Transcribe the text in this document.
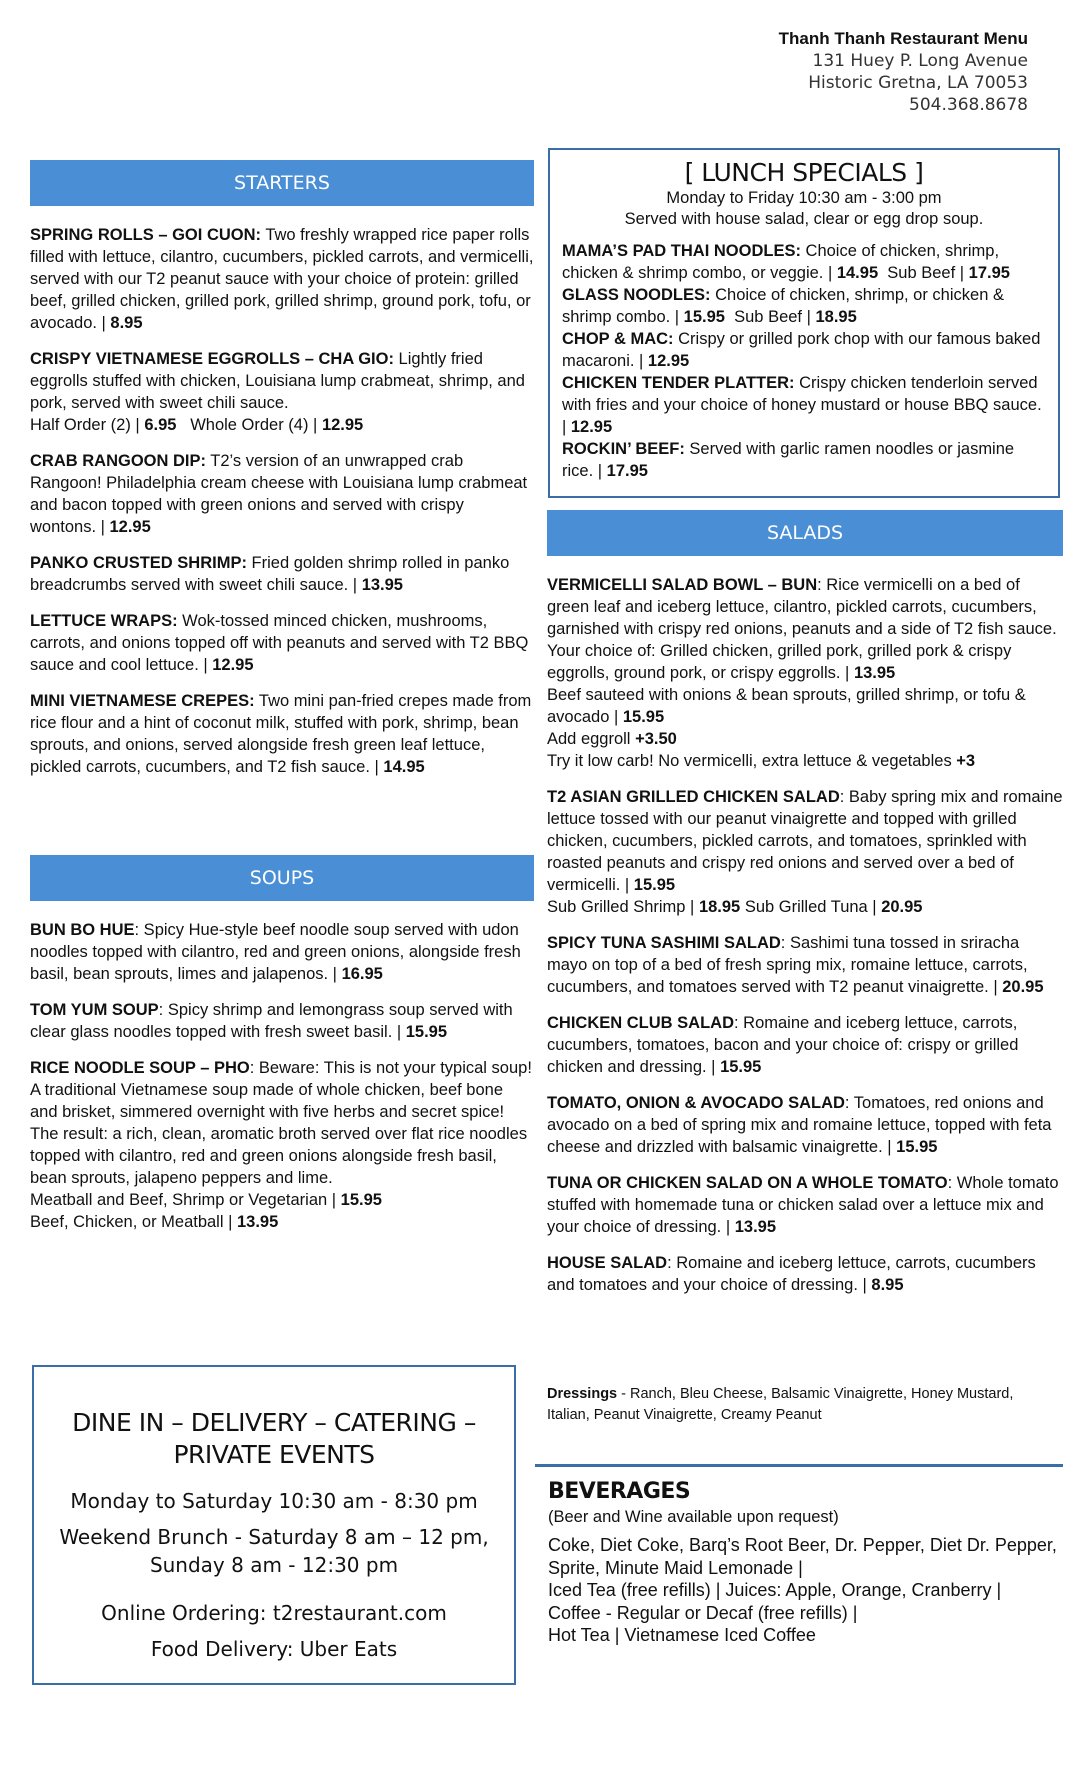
Thanh Thanh Restaurant Menu
131 Huey P. Long Avenue
Historic Gretna, LA 70053
504.368.8678
STARTERS
SPRING ROLLS – GOI CUON: Two freshly wrapped rice paper rolls filled with lettuce, cilantro, cucumbers, pickled carrots, and vermicelli, served with our T2 peanut sauce with your choice of protein: grilled beef, grilled chicken, grilled pork, grilled shrimp, ground pork, tofu, or avocado. | 8.95
CRISPY VIETNAMESE EGGROLLS – CHA GIO: Lightly fried eggrolls stuffed with chicken, Louisiana lump crabmeat, shrimp, and pork, served with sweet chili sauce.
Half Order (2) | 6.95   Whole Order (4) | 12.95
CRAB RANGOON DIP: T2’s version of an unwrapped crab Rangoon! Philadelphia cream cheese with Louisiana lump crabmeat and bacon topped with green onions and served with crispy wontons. | 12.95
PANKO CRUSTED SHRIMP: Fried golden shrimp rolled in panko breadcrumbs served with sweet chili sauce. | 13.95
LETTUCE WRAPS: Wok-tossed minced chicken, mushrooms, carrots, and onions topped off with peanuts and served with T2 BBQ sauce and cool lettuce. | 12.95
MINI VIETNAMESE CREPES: Two mini pan-fried crepes made from rice flour and a hint of coconut milk, stuffed with pork, shrimp, bean sprouts, and onions, served alongside fresh green leaf lettuce, pickled carrots, cucumbers, and T2 fish sauce. | 14.95
SOUPS
BUN BO HUE: Spicy Hue-style beef noodle soup served with udon noodles topped with cilantro, red and green onions, alongside fresh basil, bean sprouts, limes and jalapenos. | 16.95
TOM YUM SOUP: Spicy shrimp and lemongrass soup served with clear glass noodles topped with fresh sweet basil. | 15.95
RICE NOODLE SOUP – PHO: Beware: This is not your typical soup! A traditional Vietnamese soup made of whole chicken, beef bone and brisket, simmered overnight with five herbs and secret spice! The result: a rich, clean, aromatic broth served over flat rice noodles topped with cilantro, red and green onions alongside fresh basil, bean sprouts, jalapeno peppers and lime.
Meatball and Beef, Shrimp or Vegetarian | 15.95
Beef, Chicken, or Meatball | 13.95
[ LUNCH SPECIALS ]
Monday to Friday 10:30 am - 3:00 pm
Served with house salad, clear or egg drop soup.
MAMA’S PAD THAI NOODLES: Choice of chicken, shrimp, chicken & shrimp combo, or veggie. | 14.95  Sub Beef | 17.95
GLASS NOODLES: Choice of chicken, shrimp, or chicken & shrimp combo. | 15.95  Sub Beef | 18.95
CHOP & MAC: Crispy or grilled pork chop with our famous baked macaroni. | 12.95
CHICKEN TENDER PLATTER: Crispy chicken tenderloin served with fries and your choice of honey mustard or house BBQ sauce. | 12.95
ROCKIN’ BEEF: Served with garlic ramen noodles or jasmine rice. | 17.95
SALADS
VERMICELLI SALAD BOWL – BUN: Rice vermicelli on a bed of green leaf and iceberg lettuce, cilantro, pickled carrots, cucumbers, garnished with crispy red onions, peanuts and a side of T2 fish sauce. Your choice of: Grilled chicken, grilled pork, grilled pork & crispy eggrolls, ground pork, or crispy eggrolls. | 13.95
Beef sauteed with onions & bean sprouts, grilled shrimp, or tofu & avocado | 15.95
Add eggroll +3.50
Try it low carb! No vermicelli, extra lettuce & vegetables +3
T2 ASIAN GRILLED CHICKEN SALAD: Baby spring mix and romaine lettuce tossed with our peanut vinaigrette and topped with grilled chicken, cucumbers, pickled carrots, and tomatoes, sprinkled with roasted peanuts and crispy red onions and served over a bed of vermicelli. | 15.95
Sub Grilled Shrimp | 18.95 Sub Grilled Tuna | 20.95
SPICY TUNA SASHIMI SALAD: Sashimi tuna tossed in sriracha mayo on top of a bed of fresh spring mix, romaine lettuce, carrots, cucumbers, and tomatoes served with T2 peanut vinaigrette. | 20.95
CHICKEN CLUB SALAD: Romaine and iceberg lettuce, carrots, cucumbers, tomatoes, bacon and your choice of: crispy or grilled chicken and dressing. | 15.95
TOMATO, ONION & AVOCADO SALAD: Tomatoes, red onions and avocado on a bed of spring mix and romaine lettuce, topped with feta cheese and drizzled with balsamic vinaigrette. | 15.95
TUNA OR CHICKEN SALAD ON A WHOLE TOMATO: Whole tomato stuffed with homemade tuna or chicken salad over a lettuce mix and your choice of dressing. | 13.95
HOUSE SALAD: Romaine and iceberg lettuce, carrots, cucumbers and tomatoes and your choice of dressing. | 8.95
DINE IN – DELIVERY – CATERING – PRIVATE EVENTS
Monday to Saturday 10:30 am - 8:30 pm
Weekend Brunch - Saturday 8 am – 12 pm, Sunday 8 am - 12:30 pm
Online Ordering: t2restaurant.com
Food Delivery: Uber Eats
Dressings - Ranch, Bleu Cheese, Balsamic Vinaigrette, Honey Mustard, Italian, Peanut Vinaigrette, Creamy Peanut
BEVERAGES
(Beer and Wine available upon request)
Coke, Diet Coke, Barq’s Root Beer, Dr. Pepper, Diet Dr. Pepper, Sprite, Minute Maid Lemonade |
Iced Tea (free refills) | Juices: Apple, Orange, Cranberry |
Coffee - Regular or Decaf (free refills) |
Hot Tea | Vietnamese Iced Coffee
